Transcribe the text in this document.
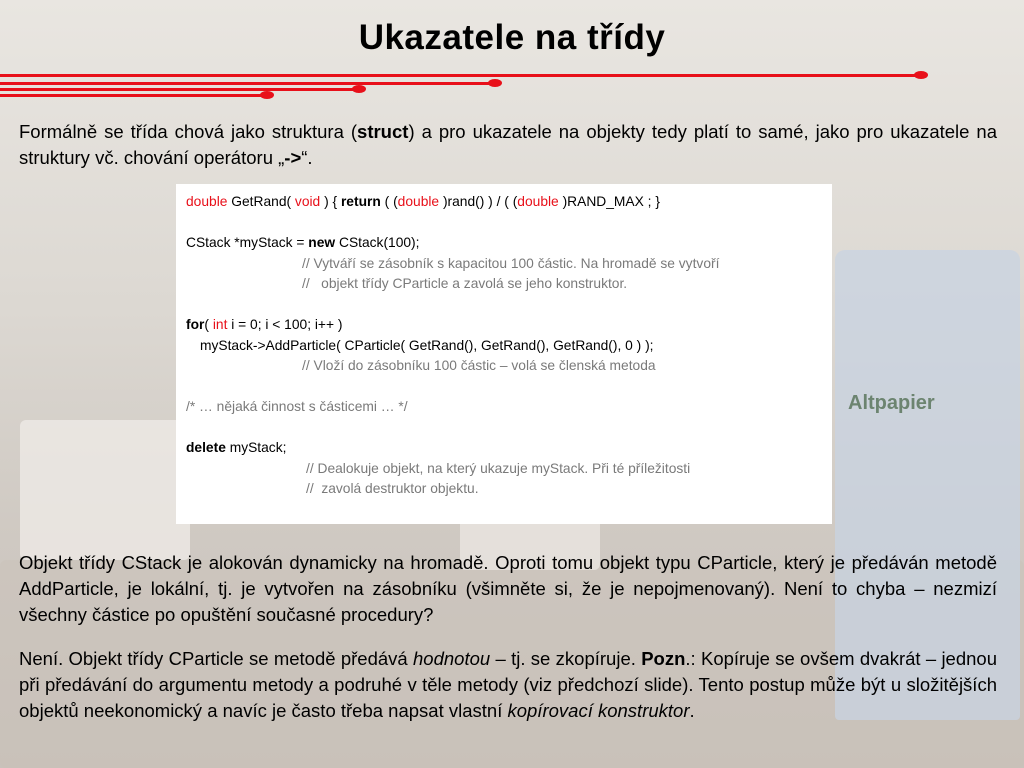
Altpapier
Ukazatele na třídy

Formálně se třída chová jako struktura (struct) a pro ukazatele na objekty tedy platí to samé, jako pro ukazatele na struktury vč. chování operátoru „->“.

double GetRand( void ) { return ( (double )rand() ) / ( (double )RAND_MAX ; }
CStack *myStack = new CStack(100);
// Vytváří se zásobník s kapacitou 100 částic. Na hromadě se vytvoří
//   objekt třídy CParticle a zavolá se jeho konstruktor.
for( int i = 0; i < 100; i++ )
myStack->AddParticle( CParticle( GetRand(), GetRand(), GetRand(), 0 ) );
// Vloží do zásobníku 100 částic – volá se členská metoda
/* … nějaká činnost s částicemi … */
delete myStack;
// Dealokuje objekt, na který ukazuje myStack. Při té příležitosti
//  zavolá destruktor objektu.

Objekt třídy CStack je alokován dynamicky na hromadě. Oproti tomu objekt typu CParticle, který je předáván metodě AddParticle, je lokální, tj. je vytvořen na zásobníku (všimněte si, že je nepojmenovaný). Není to chyba – nezmizí všechny částice po opuštění současné procedury?

Není. Objekt třídy CParticle se metodě předává hodnotou – tj. se zkopíruje. Pozn.: Kopíruje se ovšem dvakrát – jednou při předávání do argumentu metody a podruhé v těle metody (viz předchozí slide). Tento postup může být u složitějších objektů neekonomický a navíc je často třeba napsat vlastní kopírovací konstruktor.
